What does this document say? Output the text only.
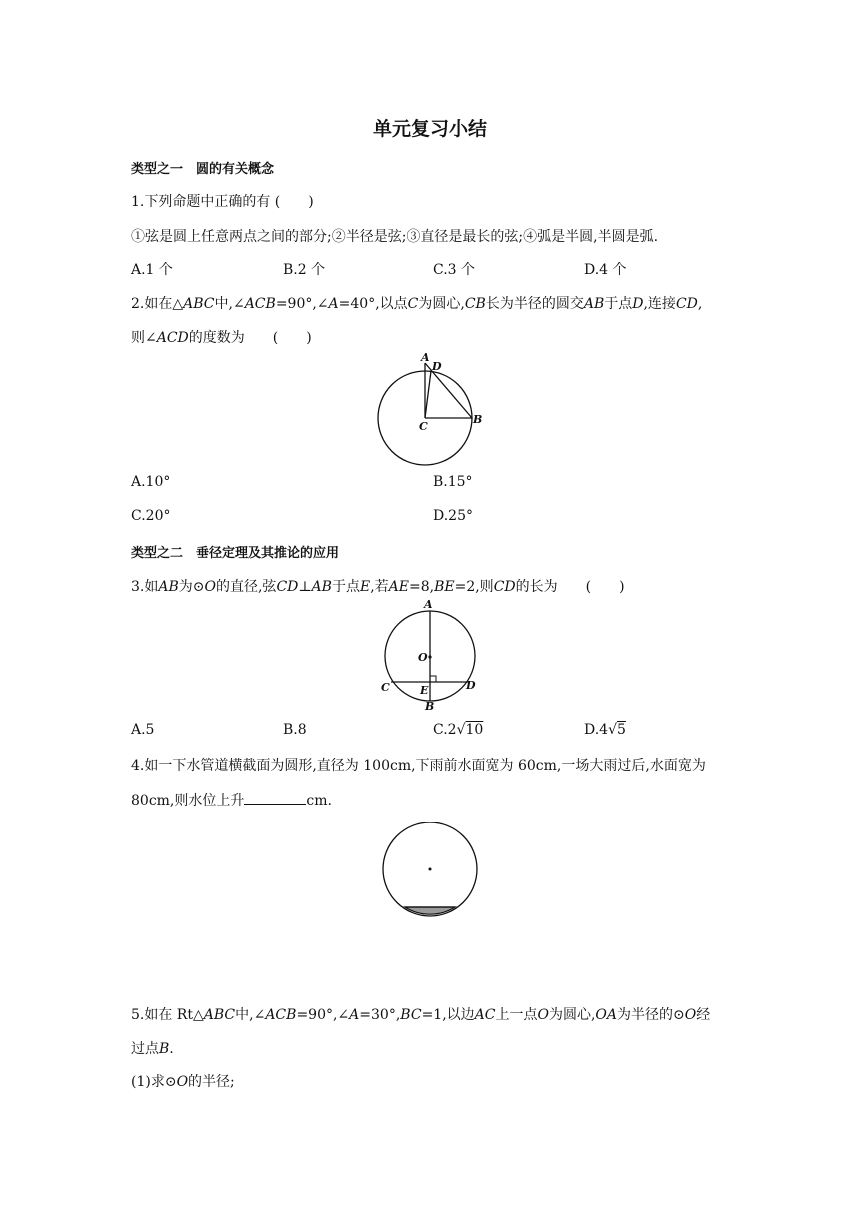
单元复习小结
类型之一　圆的有关概念
1.下列命题中正确的有 (　　)
①弦是圆上任意两点之间的部分;②半径是弦;③直径是最长的弦;④弧是半圆,半圆是弧.
A.1 个	B.2 个	C.3 个	D.4 个
2.如在△ABC中,∠ACB=90°,∠A=40°,以点C为圆心,CB长为半径的圆交AB于点D,连接CD,
则∠ACD的度数为　　(　　)
A
D
B
C
A.10°	B.15°
C.20°	D.25°
类型之二　垂径定理及其推论的应用
3.如AB为⊙O的直径,弦CD⊥AB于点E,若AE=8,BE=2,则CD的长为　　(　　)
A
O
C	E	D
B
A.5	B.8	C.2√10	D.4√5
4.如一下水管道横截面为圆形,直径为 100cm,下雨前水面宽为 60cm,一场大雨过后,水面宽为
80cm,则水位上升	cm.
5.如在 Rt△ABC中,∠ACB=90°,∠A=30°,BC=1,以边AC上一点O为圆心,OA为半径的⊙O经
过点B.
(1)求⊙O的半径;
